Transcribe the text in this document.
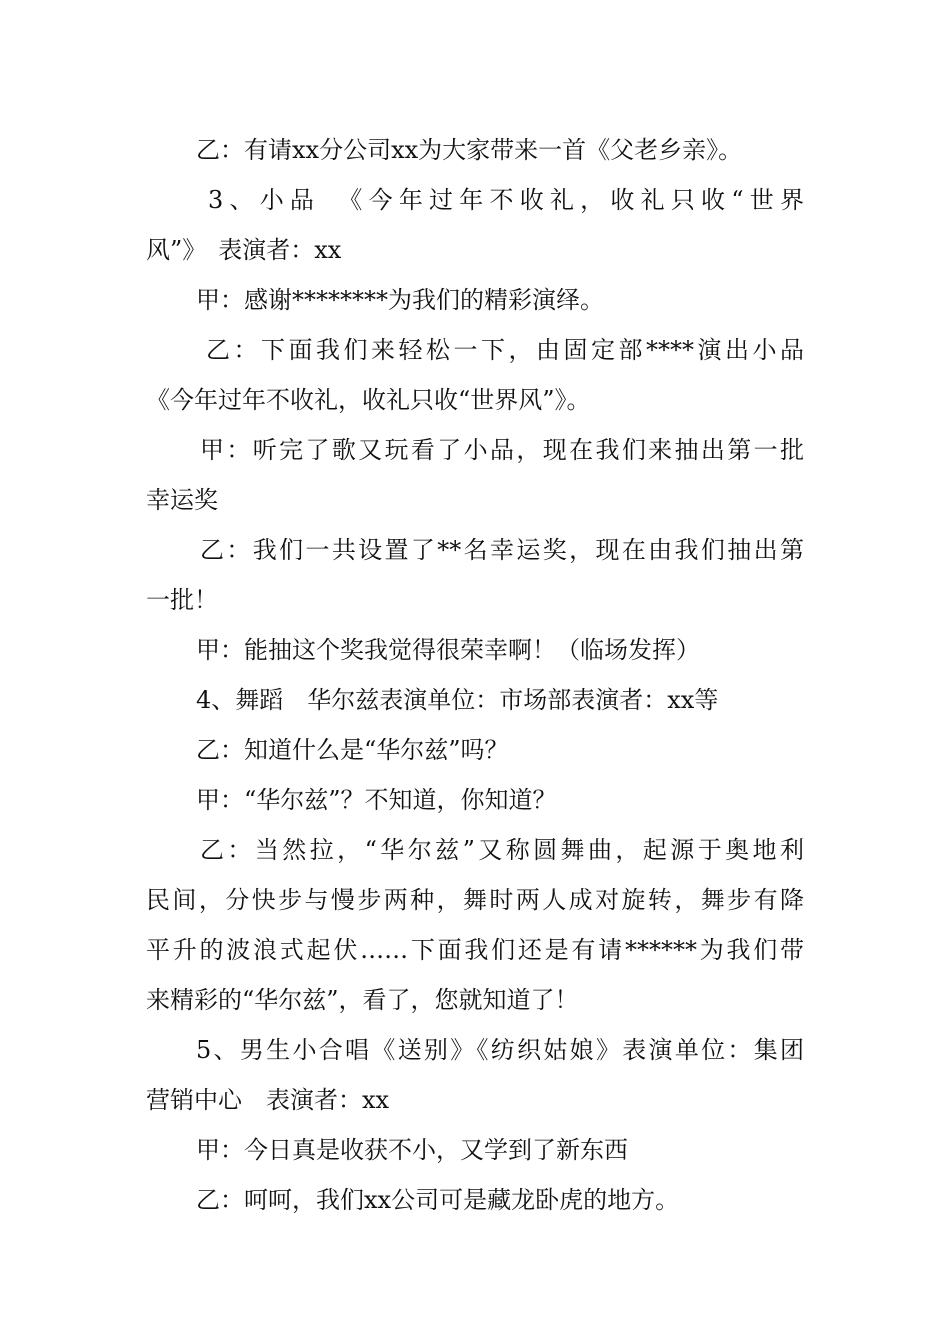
乙：有请xx分公司xx为大家带来一首《父老乡亲》。
3、小品　《今年过年不收礼，收礼只收“世界
风”》　表演者：xx
甲：感谢********为我们的精彩演绎。
乙：下面我们来轻松一下，由固定部****演出小品
《今年过年不收礼，收礼只收“世界风”》。
甲：听完了歌又玩看了小品，现在我们来抽出第一批
幸运奖
乙：我们一共设置了**名幸运奖，现在由我们抽出第
一批！
甲：能抽这个奖我觉得很荣幸啊！（临场发挥）
4、舞蹈　华尔兹表演单位：市场部表演者：xx等
乙：知道什么是“华尔兹”吗？
甲：“华尔兹”？不知道，你知道？
乙：当然拉，“华尔兹”又称圆舞曲，起源于奥地利
民间，分快步与慢步两种，舞时两人成对旋转，舞步有降
平升的波浪式起伏……下面我们还是有请******为我们带
来精彩的“华尔兹”，看了，您就知道了！
5、男生小合唱《送别》《纺织姑娘》表演单位：集团
营销中心　表演者：xx
甲：今日真是收获不小，又学到了新东西
乙：呵呵，我们xx公司可是藏龙卧虎的地方。
